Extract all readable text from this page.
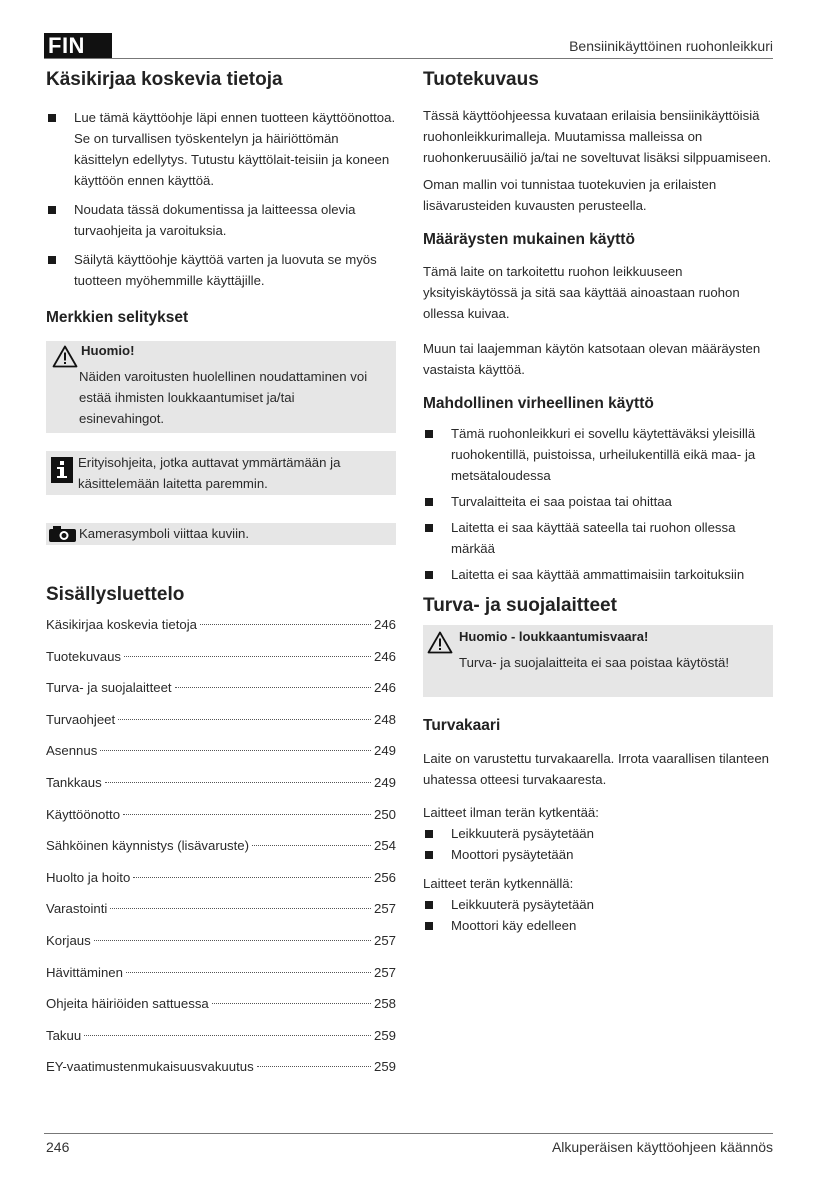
FIN	Bensiinikäyttöinen ruohonleikkuri
Käsikirjaa koskevia tietoja
Lue tämä käyttöohje läpi ennen tuotteen käyttöönottoa. Se on turvallisen työskentelyn ja häiriöttömän käsittelyn edellytys. Tutustu käyttölait-teisiin ja koneen käyttöön ennen käyttöä.
Noudata tässä dokumentissa ja laitteessa olevia turvaohjeita ja varoituksia.
Säilytä käyttöohje käyttöä varten ja luovuta se myös tuotteen myöhemmille käyttäjille.
Merkkien selitykset
Huomio!

Näiden varoitusten huolellinen noudattaminen voi estää ihmisten loukkaantumiset ja/tai esinevahingot.

Erityisohjeita, jotka auttavat ymmärtämään ja käsittelemään laitetta paremmin.

Kamerasymboli viittaa kuviin.

Sisällysluettelo
Käsikirjaa koskevia tietoja	246
Tuotekuvaus	246
Turva- ja suojalaitteet	246
Turvaohjeet	248
Asennus	249
Tankkaus	249
Käyttöönotto	250
Sähköinen käynnistys (lisävaruste)	254
Huolto ja hoito	256
Varastointi	257
Korjaus	257
Hävittäminen	257
Ohjeita häiriöiden sattuessa	258
Takuu	259
EY-vaatimustenmukaisuusvakuutus	259
Tuotekuvaus

Tässä käyttöohjeessa kuvataan erilaisia bensiinikäyttöisiä ruohonleikkurimalleja. Muutamissa malleissa on ruohonkeruusäiliö ja/tai ne soveltuvat lisäksi silppuamiseen.

Oman mallin voi tunnistaa tuotekuvien ja erilaisten lisävarusteiden kuvausten perusteella.

Määräysten mukainen käyttö

Tämä laite on tarkoitettu ruohon leikkuuseen yksityiskäytössä ja sitä saa käyttää ainoastaan ruohon ollessa kuivaa.

Muun tai laajemman käytön katsotaan olevan määräysten vastaista käyttöä.

Mahdollinen virheellinen käyttö
Tämä ruohonleikkuri ei sovellu käytettäväksi yleisillä ruohokentillä, puistoissa, urheilukentillä eikä maa- ja metsätaloudessa
Turvalaitteita ei saa poistaa tai ohittaa
Laitetta ei saa käyttää sateella tai ruohon ollessa märkää
Laitetta ei saa käyttää ammattimaisiin tarkoituksiin
Turva- ja suojalaitteet
Huomio - loukkaantumisvaara!

Turva- ja suojalaitteita ei saa poistaa käytöstä!

Turvakaari

Laite on varustettu turvakaarella. Irrota vaarallisen tilanteen uhatessa otteesi turvakaaresta.

Laitteet ilman terän kytkentää:

Leikkuuterä pysäytetään
Moottori pysäytetään

Laitteet terän kytkennällä:

Leikkuuterä pysäytetään
Moottori käy edelleen
246	Alkuperäisen käyttöohjeen käännös
